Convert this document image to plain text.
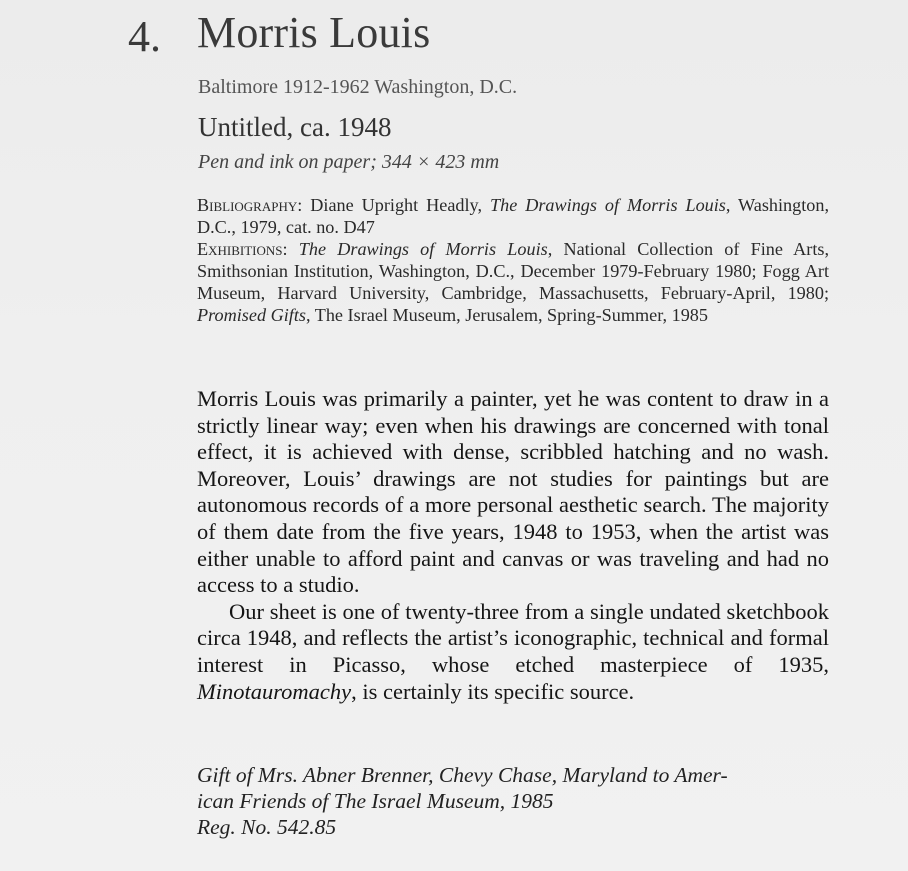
4. Morris Louis
Baltimore 1912-1962 Washington, D.C.
Untitled, ca. 1948
Pen and ink on paper; 344 × 423 mm

Bibliography: Diane Upright Headly, The Drawings of Morris Louis, Washington, D.C., 1979, cat. no. D47

Exhibitions: The Drawings of Morris Louis, National Collection of Fine Arts, Smithsonian Institution, Washington, D.C., December 1979-February 1980; Fogg Art Museum, Harvard University, Cambridge, Massachusetts, February-April, 1980; Promised Gifts, The Israel Museum, Jerusalem, Spring-Summer, 1985

Morris Louis was primarily a painter, yet he was content to draw in a strictly linear way; even when his drawings are concerned with tonal effect, it is achieved with dense, scribbled hatching and no wash. Moreover, Louis’ drawings are not studies for paintings but are autonomous records of a more personal aesthetic search. The majority of them date from the five years, 1948 to 1953, when the artist was either unable to afford paint and canvas or was traveling and had no access to a studio.

Our sheet is one of twenty-three from a single undated sketchbook circa 1948, and reflects the artist’s iconographic, technical and formal interest in Picasso, whose etched masterpiece of 1935, Minotauromachy, is certainly its specific source.

Gift of Mrs. Abner Brenner, Chevy Chase, Maryland to Amer-
ican Friends of The Israel Museum, 1985
Reg. No. 542.85
